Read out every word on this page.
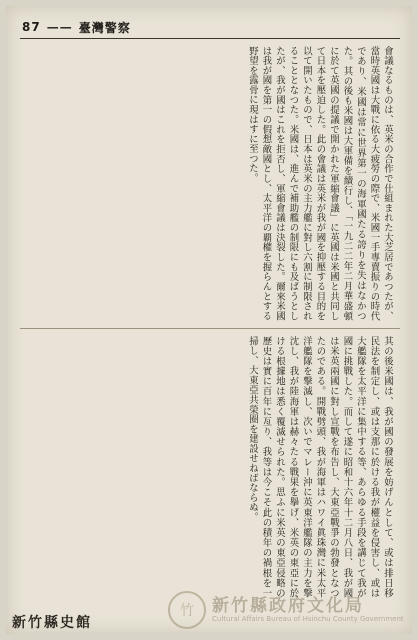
87 —— 臺灣警察
會議なるものは、英米の合作で仕組まれた大芝居であつたが、當時英國は大戰に依る大疲勞の際で、米國一手專賣振りの時代であり、米國は常に世界第一の海軍國たる誇りを失はなかつた。其の後も米國は大軍備を續行し、「一九二二年二月華盛頓に於て英國の提議で開かれた軍縮會議」に英國は米國と共同して日本を壓迫した。此の會議は英米が我が國を抑壓する目的を以て開いたもので、日本は英米の主力艦に對し六割に制限されることとなつた。米國は、進んで補助艦の制限にも及ばうとしたが、我が國はこれを拒否し、軍縮會議は決裂した。爾來米國は我が國を第一の假想敵國とし、太平洋の覇權を握らんとする野望を露骨に現はすに至つた。
其の後米國は、我が國の發展を妨げんとして、或は排日移民法を制定し、或は支那に於ける我が權益を侵害し、或は大艦隊を太平洋に集中する等、あらゆる手段を講じて我が國に挑戰した。而して遂に昭和十六年十二月八日、我が國は米英兩國に對し宣戰を布告し、大東亞戰爭の勃發となつたのである。開戰劈頭、我が海軍はハワイ眞珠灣に米太平洋艦隊を撃滅し、次いでマレー沖に英東洋艦隊の主力を撃沈し、我が陸海軍は赫々たる戰果を擧げ、米英の東亞に於ける根據地は悉く覆滅せられた。思ふに米英の東亞侵略の歷史は實に百年に亙り、我等は今こそ此の積年の禍根を一掃し、大東亞共榮圈を建設せねばならぬ。
新竹縣史館
竹	新竹縣政府文化局
Cultural Affairs Bureau of Hsinchu County Government
